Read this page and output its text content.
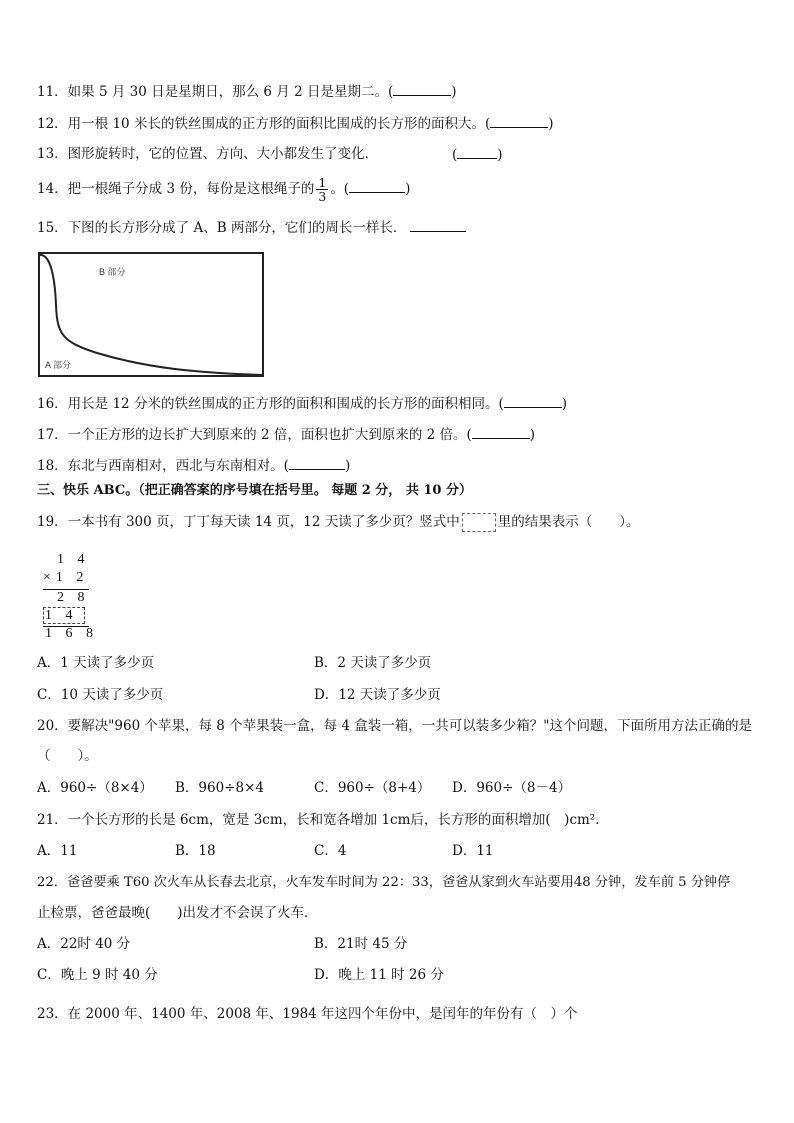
11．如果 5 月 30 日是星期日，那么 6 月 2 日是星期二。(	)
12．用一根 10 米长的铁丝围成的正方形的面积比围成的长方形的面积大。(	)
13．图形旋转时，它的位置、方向、大小都发生了变化．	(	)
14．把一根绳子分成 3 份，每份是这根绳子的 $\frac{1}{3}$ 。(	)
15．下图的长方形分成了 A、B 两部分，它们的周长一样长．
B 部分
A 部分
16．用长是 12 分米的铁丝围成的正方形的面积和围成的长方形的面积相同。(	)
17．一个正方形的边长扩大到原来的 2 倍，面积也扩大到原来的 2 倍。(	)
18．东北与西南相对，西北与东南相对。(	)
三、快乐 ABC。（把正确答案的序号填在括号里。 每题 2 分， 共 10 分）
19．一本书有 300 页，丁丁每天读 14 页，12 天读了多少页？竖式中	里的结果表示（　　）。
1 4
×1 2
2 8
1 4
1 6 8
A．1 天读了多少页	B．2 天读了多少页
C．10 天读了多少页	D．12 天读了多少页
20．要解决"960 个苹果，每 8 个苹果装一盒，每 4 盒装一箱，一共可以装多少箱？"这个问题，下面所用方法正确的是
（　　）。
A．960÷（8×4） B．960÷8×4	C．960÷（8+4） D．960÷（8－4）
21．一个长方形的长是 6cm，宽是 3cm，长和宽各增加 1cm后，长方形的面积增加(　)cm²．
A．11	B．18	C．4	D．11
22．爸爸要乘 T60 次火车从长春去北京，火车发车时间为 22：33，爸爸从家到火车站要用48 分钟，发车前 5 分钟停
止检票，爸爸最晚(　　)出发才不会误了火车．
A．22时 40 分	B．21时 45 分
C．晚上 9 时 40 分	D．晚上 11 时 26 分
23．在 2000 年、1400 年、2008 年、1984 年这四个年份中，是闰年的年份有（　）个
